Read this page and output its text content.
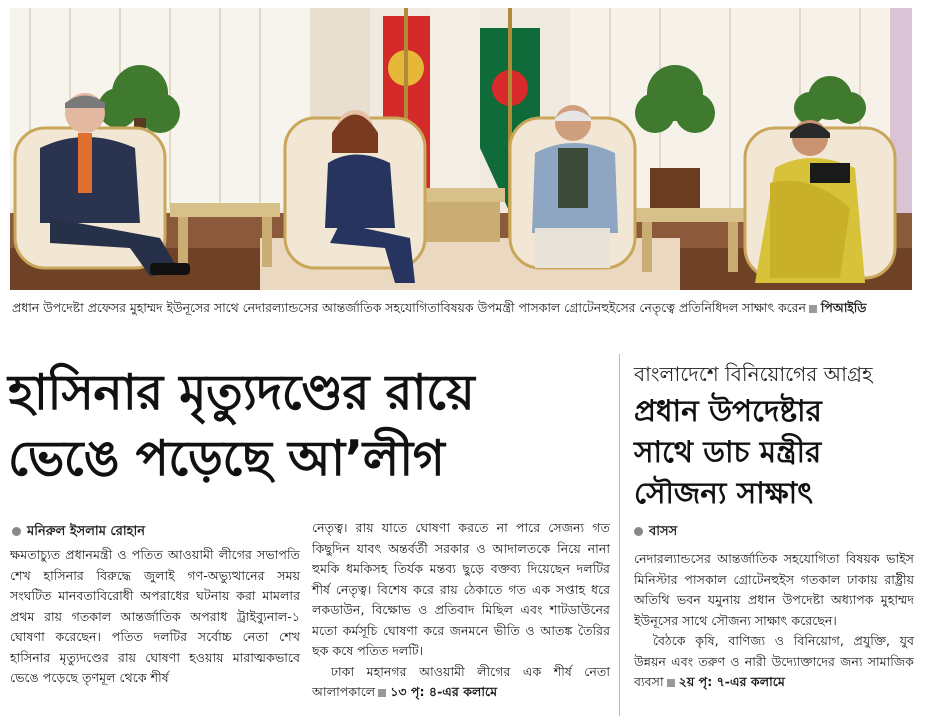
প্রধান উপদেষ্টা প্রফেসর মুহাম্মদ ইউনূসের সাথে নেদারল্যান্ডসের আন্তর্জাতিক সহযোগিতাবিষয়ক উপমন্ত্রী পাসকাল গ্রোটেনহুইসের নেতৃত্বে প্রতিনিধিদল সাক্ষাৎ করেন পিআইডি
হাসিনার মৃত্যুদণ্ডের রায়ে
ভেঙে পড়েছে আ’লীগ
বাংলাদেশে বিনিয়োগের আগ্রহ
প্রধান উপদেষ্টার
সাথে ডাচ মন্ত্রীর
সৌজন্য সাক্ষাৎ
মনিরুল ইসলাম রোহান	বাসস

ক্ষমতাচ্যুত প্রধানমন্ত্রী ও পতিত আওয়ামী লীগের সভাপতি শেখ হাসিনার বিরুদ্ধে জুলাই গণ-অভ্যুত্থানের সময় সংঘটিত মানবতাবিরোধী অপরাধের ঘটনায় করা মামলার প্রথম রায় গতকাল আন্তর্জাতিক অপরাধ ট্রাইব্যুনাল-১ ঘোষণা করেছেন। পতিত দলটির সর্বোচ্চ নেতা শেখ হাসিনার মৃত্যুদণ্ডের রায় ঘোষণা হওয়ায় মারাত্মকভাবে ভেঙে পড়েছে তৃণমূল থেকে শীর্ষ

নেতৃত্ব। রায় যাতে ঘোষণা করতে না পারে সেজন্য গত কিছুদিন যাবৎ অন্তর্বর্তী সরকার ও আদালতকে নিয়ে নানা হুমকি ধমকিসহ তির্যক মন্তব্য ছুড়ে বক্তব্য দিয়েছেন দলটির শীর্ষ নেতৃত্ব। বিশেষ করে রায় ঠেকাতে গত এক সপ্তাহ ধরে লকডাউন, বিক্ষোভ ও প্রতিবাদ মিছিল এবং শাটডাউনের মতো কর্মসূচি ঘোষণা করে জনমনে ভীতি ও আতঙ্ক তৈরির ছক কষে পতিত দলটি।

ঢাকা মহানগর আওয়ামী লীগের এক শীর্ষ নেতা আলাপকালে ১৩ পৃ: ৪-এর কলামে

নেদারল্যান্ডসের আন্তর্জাতিক সহযোগিতা বিষয়ক ভাইস মিনিস্টার পাসকাল গ্রোটেনহুইস গতকাল ঢাকায় রাষ্ট্রীয় অতিথি ভবন যমুনায় প্রধান উপদেষ্টা অধ্যাপক মুহাম্মদ ইউনূসের সাথে সৌজন্য সাক্ষাৎ করেছেন।

বৈঠকে কৃষি, বাণিজ্য ও বিনিয়োগ, প্রযুক্তি, যুব উন্নয়ন এবং তরুণ ও নারী উদ্যোক্তাদের জন্য সামাজিক ব্যবসা ২য় পৃ: ৭-এর কলামে
